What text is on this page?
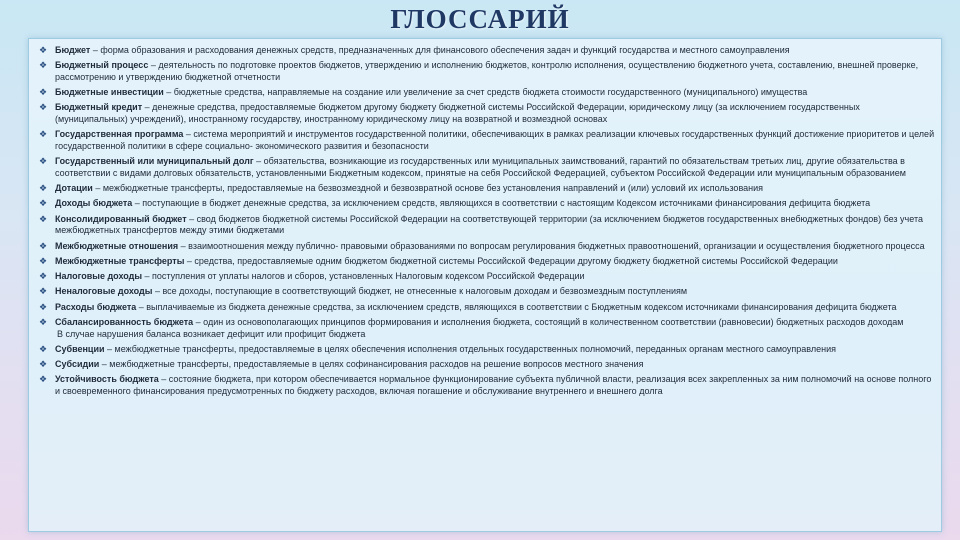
ГЛОССАРИЙ
❖ Бюджет – форма образования и расходования денежных средств, предназначенных для финансового обеспечения задач и функций государства и местного самоуправления
❖ Бюджетный процесс – деятельность по подготовке проектов бюджетов, утверждению и исполнению бюджетов, контролю исполнения, осуществлению бюджетного учета, составлению, внешней проверке, рассмотрению и утверждению бюджетной отчетности
❖ Бюджетные инвестиции – бюджетные средства, направляемые на создание или увеличение за счет средств бюджета стоимости государственного (муниципального) имущества
❖ Бюджетный кредит – денежные средства, предоставляемые бюджетом другому бюджету бюджетной системы Российской Федерации, юридическому лицу (за исключением государственных (муниципальных) учреждений), иностранному государству, иностранному юридическому лицу на возвратной и возмездной основах
❖ Государственная программа – система мероприятий и инструментов государственной политики, обеспечивающих в рамках реализации ключевых государственных функций достижение приоритетов и целей государственной политики в сфере социально- экономического развития и безопасности
❖ Государственный или муниципальный долг – обязательства, возникающие из государственных или муниципальных заимствований, гарантий по обязательствам третьих лиц, другие обязательства в соответствии с видами долговых обязательств, установленными Бюджетным кодексом, принятые на себя Российской Федерацией, субъектом Российской Федерации или муниципальным образованием
❖ Дотации – межбюджетные трансферты, предоставляемые на безвозмездной и безвозвратной основе без установления направлений и (или) условий их использования
❖ Доходы бюджета – поступающие в бюджет денежные средства, за исключением средств, являющихся в соответствии с настоящим Кодексом источниками финансирования дефицита бюджета
❖ Консолидированный бюджет – свод бюджетов бюджетной системы Российской Федерации на соответствующей территории (за исключением бюджетов государственных внебюджетных фондов) без учета межбюджетных трансфертов между этими бюджетами
❖ Межбюджетные отношения – взаимоотношения между публично- правовыми образованиями по вопросам регулирования бюджетных правоотношений, организации и осуществления бюджетного процесса
❖ Межбюджетные трансферты – средства, предоставляемые одним бюджетом бюджетной системы Российской Федерации другому бюджету бюджетной системы Российской Федерации
❖ Налоговые доходы – поступления от уплаты налогов и сборов, установленных Налоговым кодексом Российской Федерации
❖ Неналоговые доходы – все доходы, поступающие в соответствующий бюджет, не отнесенные к налоговым доходам и безвозмездным поступлениям
❖ Расходы бюджета – выплачиваемые из бюджета денежные средства, за исключением средств, являющихся в соответствии с Бюджетным кодексом источниками финансирования дефицита бюджета
❖ Сбалансированность бюджета – один из основополагающих принципов формирования и исполнения бюджета, состоящий в количественном соответствии (равновесии) бюджетных расходов доходам
В случае нарушения баланса возникает дефицит или профицит бюджета
❖ Субвенции – межбюджетные трансферты, предоставляемые в целях обеспечения исполнения отдельных государственных полномочий, переданных органам местного самоуправления
❖ Субсидии – межбюджетные трансферты, предоставляемые в целях софинансирования расходов на решение вопросов местного значения
❖ Устойчивость бюджета – состояние бюджета, при котором обеспечивается нормальное функционирование субъекта публичной власти, реализация всех закрепленных за ним полномочий на основе полного и своевременного финансирования предусмотренных по бюджету расходов, включая погашение и обслуживание внутреннего и внешнего долга
